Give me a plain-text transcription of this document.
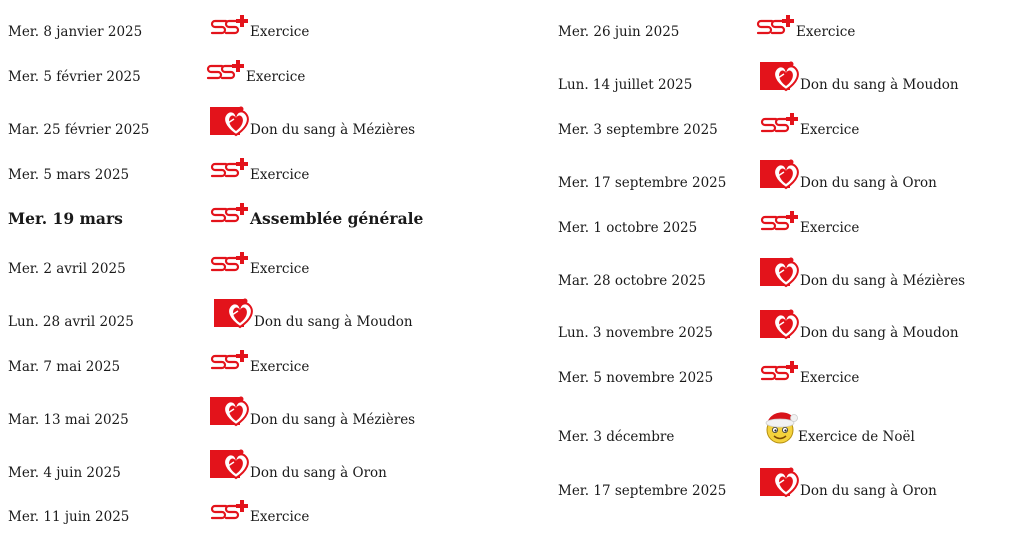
Mer. 8 janvier 2025	Exercice
Mer. 5 février 2025	Exercice
Mar. 25 février 2025	Don du sang à Mézières
Mer. 5 mars 2025	Exercice
Mer. 19 mars	Assemblée générale
Mer. 2 avril 2025	Exercice
Lun. 28 avril 2025	Don du sang à Moudon
Mar. 7 mai 2025	Exercice
Mar. 13 mai 2025	Don du sang à Mézières
Mer. 4 juin 2025	Don du sang à Oron
Mer. 11 juin 2025	Exercice
Mer. 26 juin 2025	Exercice
Lun. 14 juillet 2025	Don du sang à Moudon
Mer. 3 septembre 2025	Exercice
Mer. 17 septembre 2025	Don du sang à Oron
Mer. 1 octobre 2025	Exercice
Mar. 28 octobre 2025	Don du sang à Mézières
Lun. 3 novembre 2025	Don du sang à Moudon
Mer. 5 novembre 2025	Exercice
Mer. 3 décembre	Exercice de Noël
Mer. 17 septembre 2025	Don du sang à Oron
